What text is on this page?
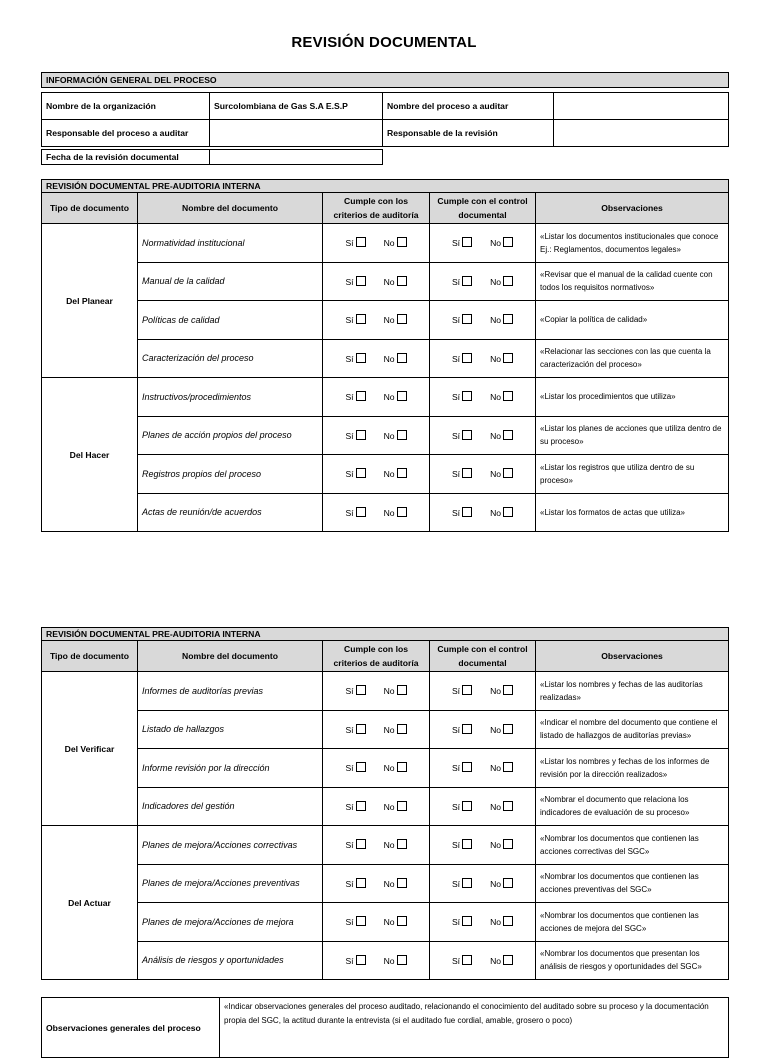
REVISIÓN DOCUMENTAL
INFORMACIÓN GENERAL DEL PROCESO			

Nombre de la organización	Surcolombiana de Gas S.A E.S.P	Nombre del proceso a auditar	
Responsable del proceso a auditar		Responsable de la revisión	
Fecha de la revisión documental	
REVISIÓN DOCUMENTAL PRE-AUDITORIA INTERNA				
Tipo de documento	Nombre del documento	Cumple con los criterios de auditoría	Cumple con el control documental	Observaciones
Del Planear	Normatividad institucional	Sí No	Sí No	«Listar los documentos institucionales que conoce Ej.: Reglamentos, documentos legales»
	Manual de la calidad	Sí No	Sí No	«Revisar que el manual de la calidad cuente con todos los requisitos normativos»
	Políticas de calidad	Sí No	Sí No	«Copiar la política de calidad»
	Caracterización del proceso	Sí No	Sí No	«Relacionar las secciones con las que cuenta la caracterización del proceso»
Del Hacer	Instructivos/procedimientos	Sí No	Sí No	«Listar los procedimientos que utiliza»
	Planes de acción propios del proceso	Sí No	Sí No	«Listar los planes de acciones que utiliza dentro de su proceso»
	Registros propios del proceso	Sí No	Sí No	«Listar los registros que utiliza dentro de su proceso»
	Actas de reunión/de acuerdos	Sí No	Sí No	«Listar los formatos de actas que utiliza»
REVISIÓN DOCUMENTAL PRE-AUDITORIA INTERNA				
Tipo de documento	Nombre del documento	Cumple con los criterios de auditoría	Cumple con el control documental	Observaciones
Del Verificar	Informes de auditorías previas	Sí No	Sí No	«Listar los nombres y fechas de las auditorías realizadas»
	Listado de hallazgos	Sí No	Sí No	«Indicar el nombre del documento que contiene el listado de hallazgos de auditorías previas»
	Informe revisión por la dirección	Sí No	Sí No	«Listar los nombres y fechas de los informes de revisión por la dirección realizados»
	Indicadores del gestión	Sí No	Sí No	«Nombrar el documento que relaciona los indicadores de evaluación de su proceso»
Del Actuar	Planes de mejora/Acciones correctivas	Sí No	Sí No	«Nombrar los documentos que contienen las acciones correctivas del SGC»
	Planes de mejora/Acciones preventivas	Sí No	Sí No	«Nombrar los documentos que contienen las acciones preventivas del SGC»
	Planes de mejora/Acciones de mejora	Sí No	Sí No	«Nombrar los documentos que contienen las acciones de mejora del SGC»
	Análisis de riesgos y oportunidades	Sí No	Sí No	«Nombrar los documentos que presentan los análisis de riesgos y oportunidades del SGC»
Observaciones generales del proceso	«Indicar observaciones generales del proceso auditado, relacionando el conocimiento del auditado sobre su proceso y la documentación propia del SGC, la actitud durante la entrevista (si el auditado fue cordial, amable, grosero o poco)
